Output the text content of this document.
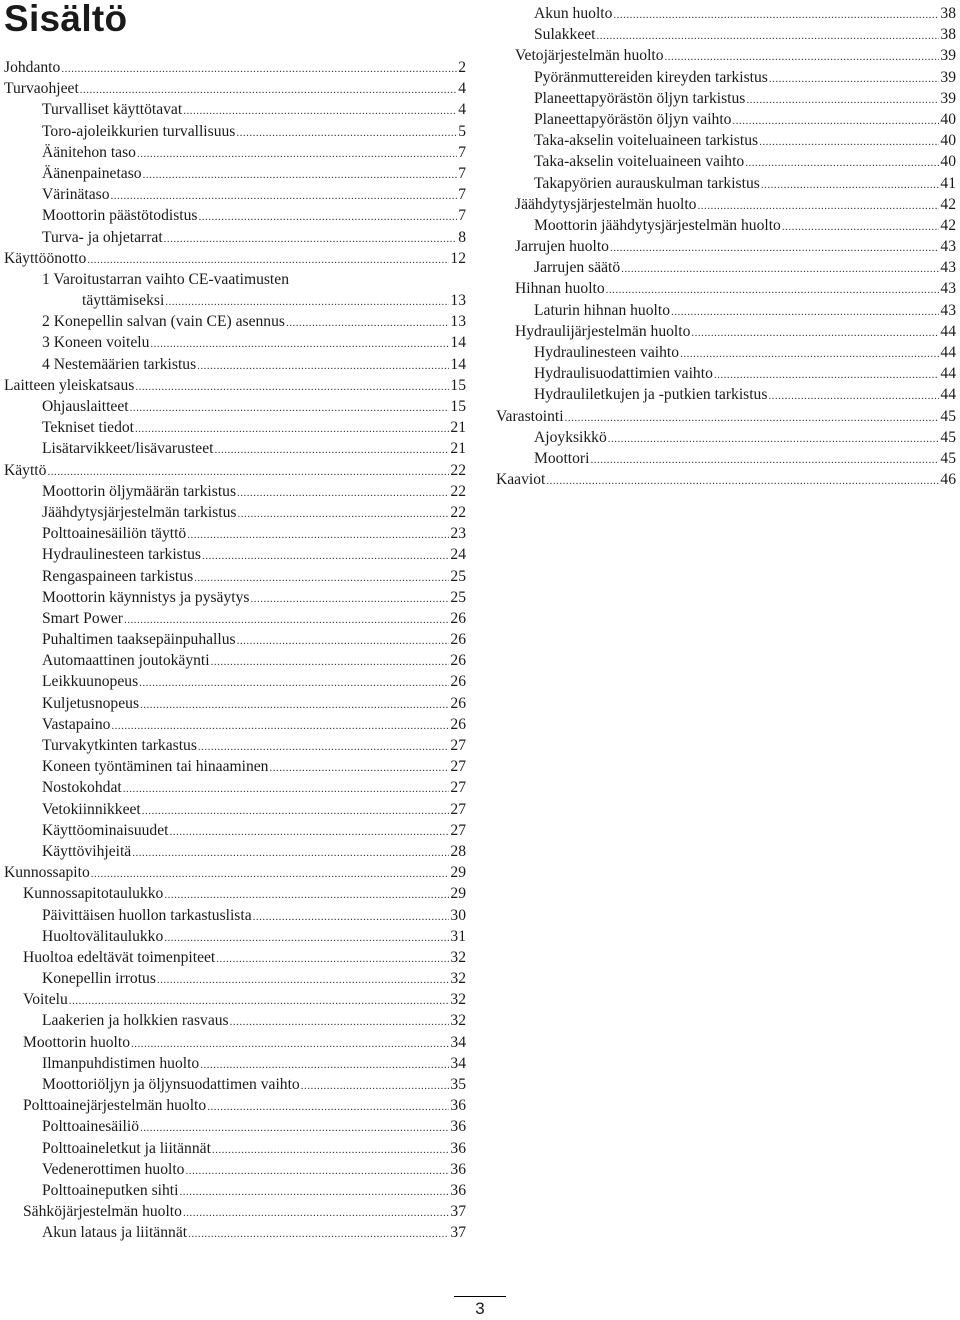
Sisältö
Johdanto .....	2
Turvaohjeet .....	4
Turvalliset käyttötavat .....	4
Toro-ajoleikkurien turvallisuus .....	5
Äänitehon taso .....	7
Äänenpainetaso .....	7
Värinätaso .....	7
Moottorin päästötodistus .....	7
Turva- ja ohjetarrat .....	8
Käyttöönotto .....	12
1 Varoitustarran vaihto CE-vaatimusten
täyttämiseksi .....	13
2 Konepellin salvan (vain CE) asennus .....	13
3 Koneen voitelu .....	14
4 Nestemäärien tarkistus .....	14
Laitteen yleiskatsaus .....	15
Ohjauslaitteet .....	15
Tekniset tiedot .....	21
Lisätarvikkeet/lisävarusteet .....	21
Käyttö .....	22
Moottorin öljymäärän tarkistus .....	22
Jäähdytysjärjestelmän tarkistus .....	22
Polttoainesäiliön täyttö .....	23
Hydraulinesteen tarkistus .....	24
Rengaspaineen tarkistus .....	25
Moottorin käynnistys ja pysäytys .....	25
Smart Power .....	26
Puhaltimen taaksepäinpuhallus .....	26
Automaattinen joutokäynti .....	26
Leikkuunopeus .....	26
Kuljetusnopeus .....	26
Vastapaino .....	26
Turvakytkinten tarkastus .....	27
Koneen työntäminen tai hinaaminen .....	27
Nostokohdat .....	27
Vetokiinnikkeet .....	27
Käyttöominaisuudet .....	27
Käyttövihjeitä .....	28
Kunnossapito .....	29
Kunnossapitotaulukko .....	29
Päivittäisen huollon tarkastuslista .....	30
Huoltovälitaulukko .....	31
Huoltoa edeltävät toimenpiteet .....	32
Konepellin irrotus .....	32
Voitelu .....	32
Laakerien ja holkkien rasvaus .....	32
Moottorin huolto .....	34
Ilmanpuhdistimen huolto .....	34
Moottoriöljyn ja öljynsuodattimen vaihto .....	35
Polttoainejärjestelmän huolto .....	36
Polttoainesäiliö .....	36
Polttoaineletkut ja liitännät .....	36
Vedenerottimen huolto .....	36
Polttoaineputken sihti .....	36
Sähköjärjestelmän huolto .....	37
Akun lataus ja liitännät .....	37
Akun huolto .....	38
Sulakkeet .....	38
Vetojärjestelmän huolto .....	39
Pyöränmuttereiden kireyden tarkistus .....	39
Planeettapyörästön öljyn tarkistus .....	39
Planeettapyörästön öljyn vaihto .....	40
Taka-akselin voiteluaineen tarkistus .....	40
Taka-akselin voiteluaineen vaihto .....	40
Takapyörien aurauskulman tarkistus .....	41
Jäähdytysjärjestelmän huolto .....	42
Moottorin jäähdytysjärjestelmän huolto .....	42
Jarrujen huolto .....	43
Jarrujen säätö .....	43
Hihnan huolto .....	43
Laturin hihnan huolto .....	43
Hydraulijärjestelmän huolto .....	44
Hydraulinesteen vaihto .....	44
Hydraulisuodattimien vaihto .....	44
Hydrauliletkujen ja -putkien tarkistus .....	44
Varastointi .....	45
Ajoyksikkö .....	45
Moottori .....	45
Kaaviot .....	46
3
